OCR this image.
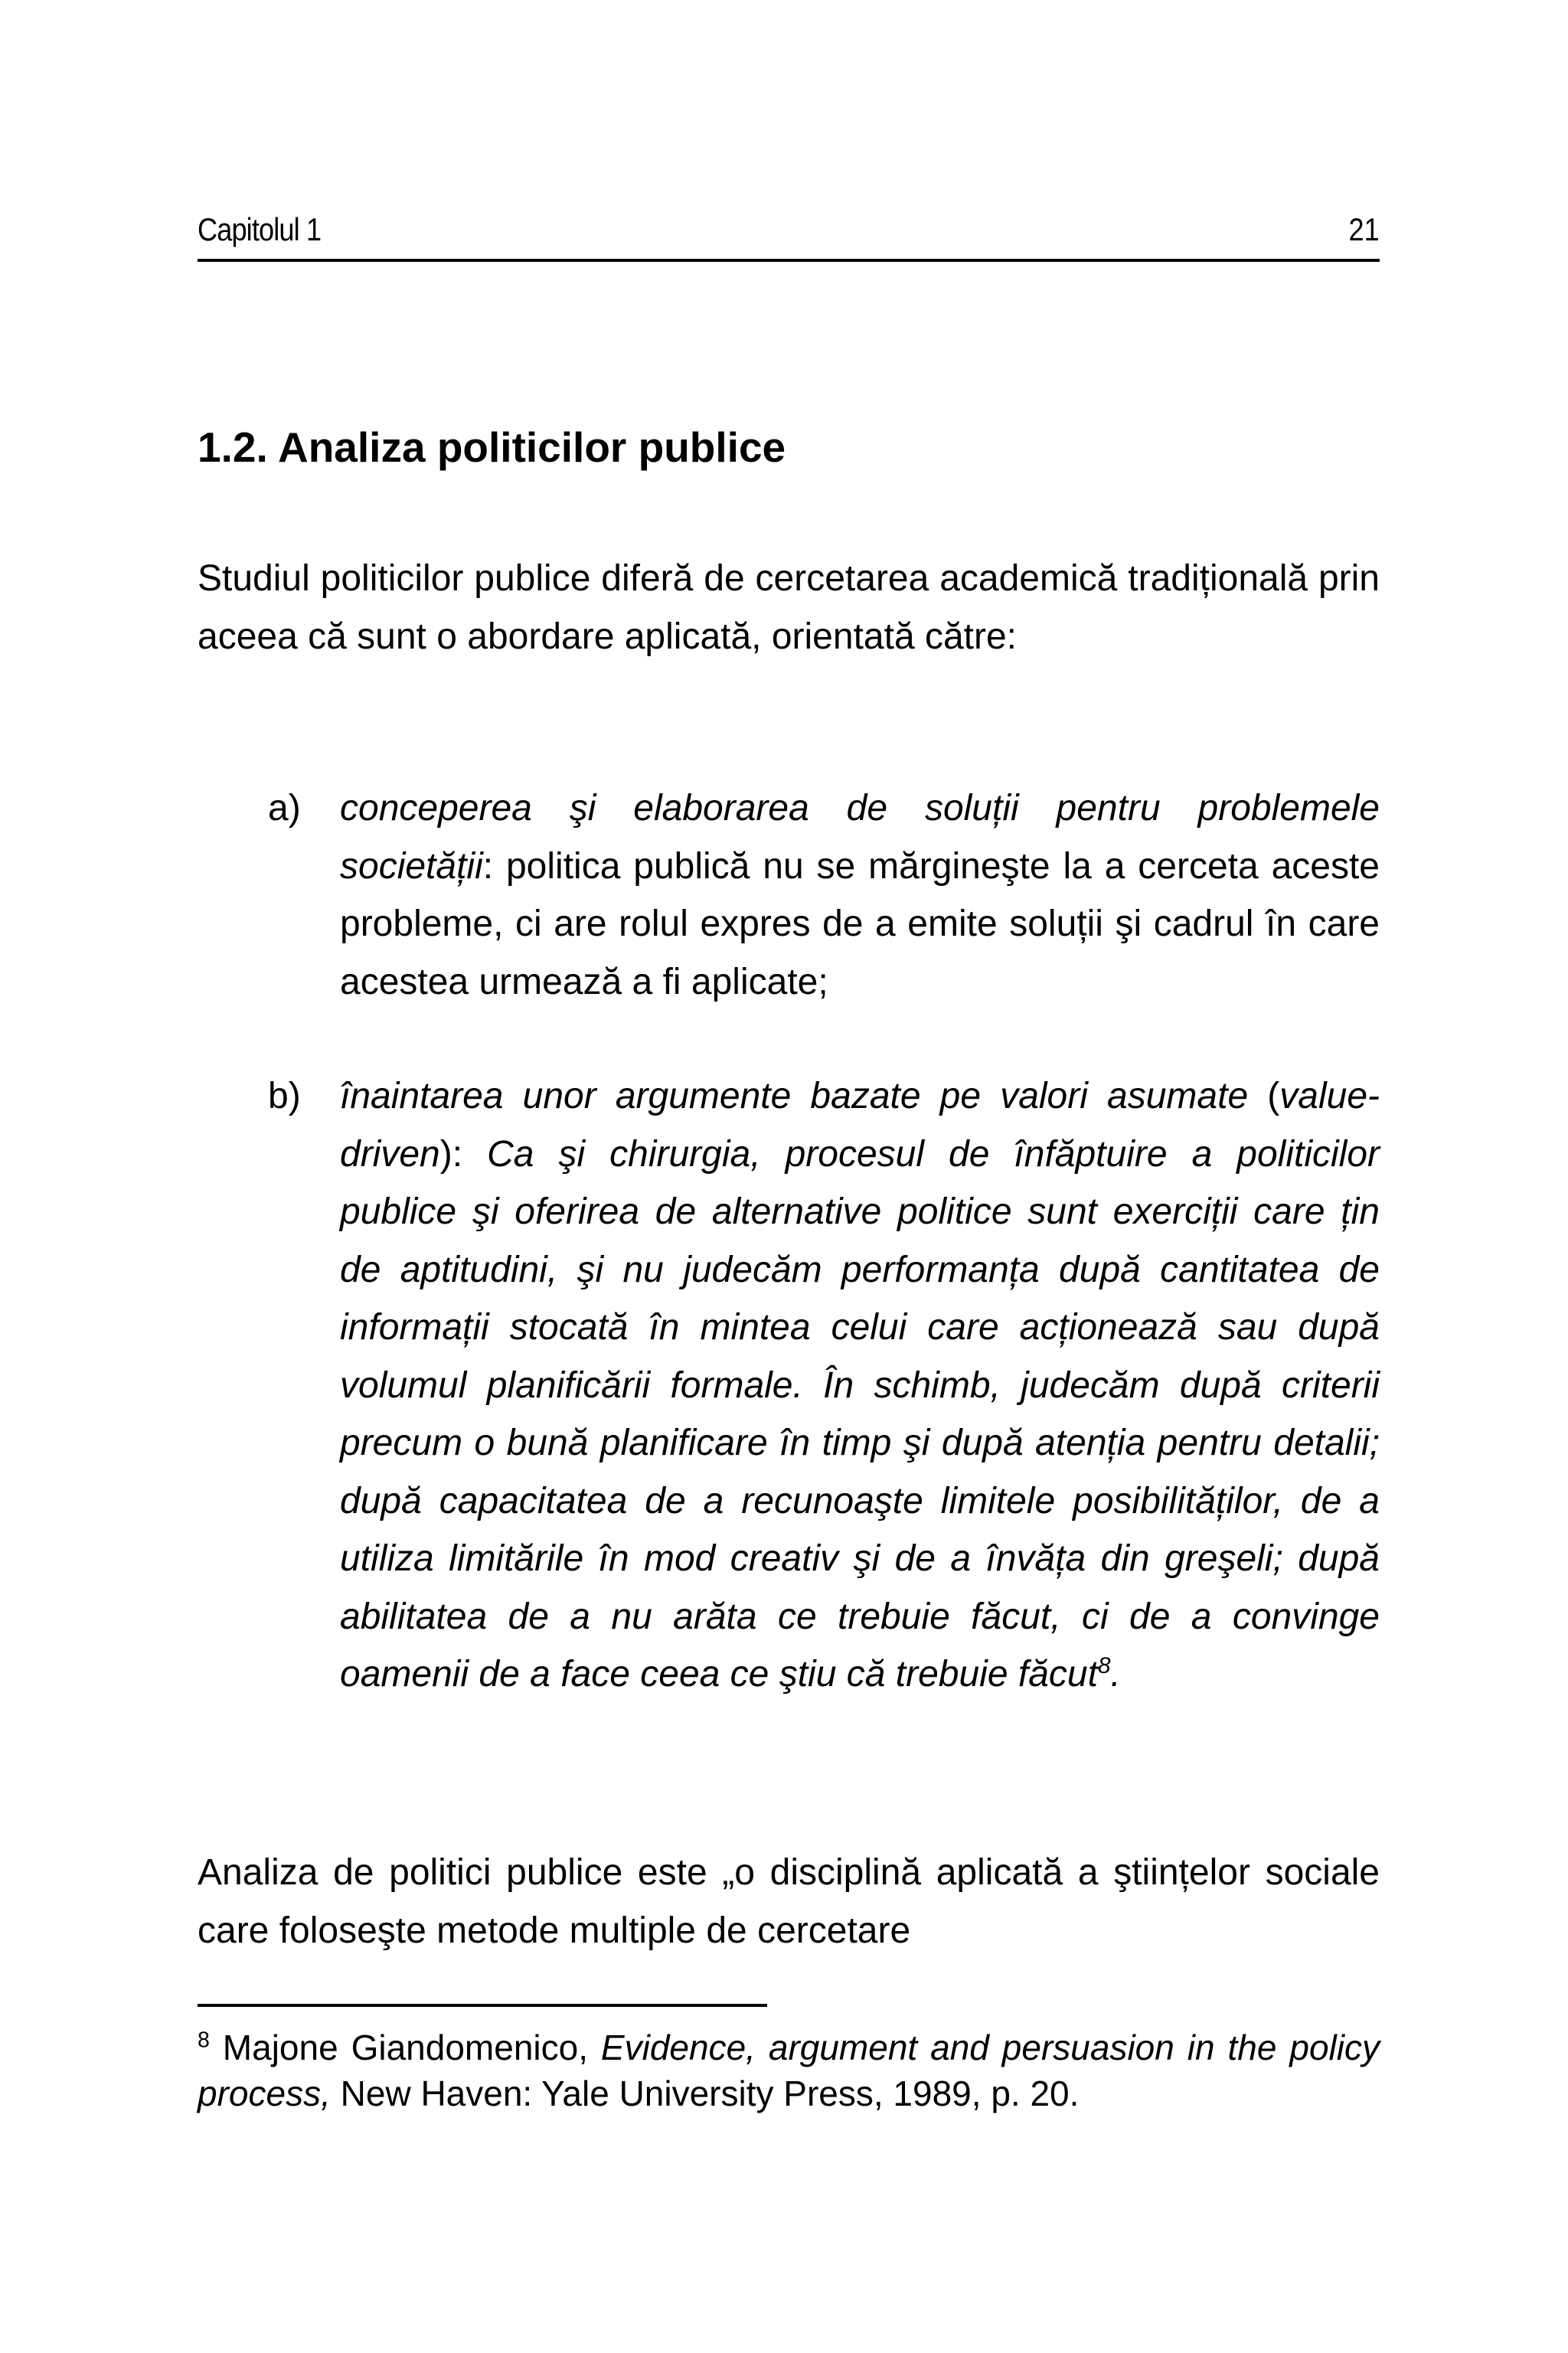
Capitolul 1	21
1.2. Analiza politicilor publice

Studiul politicilor publice diferă de cercetarea academică tradițională prin aceea că sunt o abordare aplicată, orientată către:

a) conceperea şi elaborarea de soluții pentru problemele societății: politica publică nu se mărgineşte la a cerceta aceste probleme, ci are rolul expres de a emite soluții şi cadrul în care acestea urmează a fi aplicate;
b) înaintarea unor argumente bazate pe valori asumate (value-driven): Ca şi chirurgia, procesul de înfăptuire a politicilor publice şi oferirea de alternative politice sunt exerciții care țin de aptitudini, şi nu judecăm performanța după cantitatea de informații stocată în mintea celui care acționează sau după volumul planificării formale. În schimb, judecăm după criterii precum o bună planificare în timp şi după atenția pentru detalii; după capacitatea de a recunoaşte limitele posibilităților, de a utiliza limitările în mod creativ şi de a învăța din greşeli; după abilitatea de a nu arăta ce trebuie făcut, ci de a convinge oamenii de a face ceea ce ştiu că trebuie făcut$^8$.

Analiza de politici publice este „o disciplină aplicată a ştiințelor sociale care foloseşte metode multiple de cercetare

$^8$ Majone Giandomenico, Evidence, argument and persuasion in the policy process, New Haven: Yale University Press, 1989, p. 20.
